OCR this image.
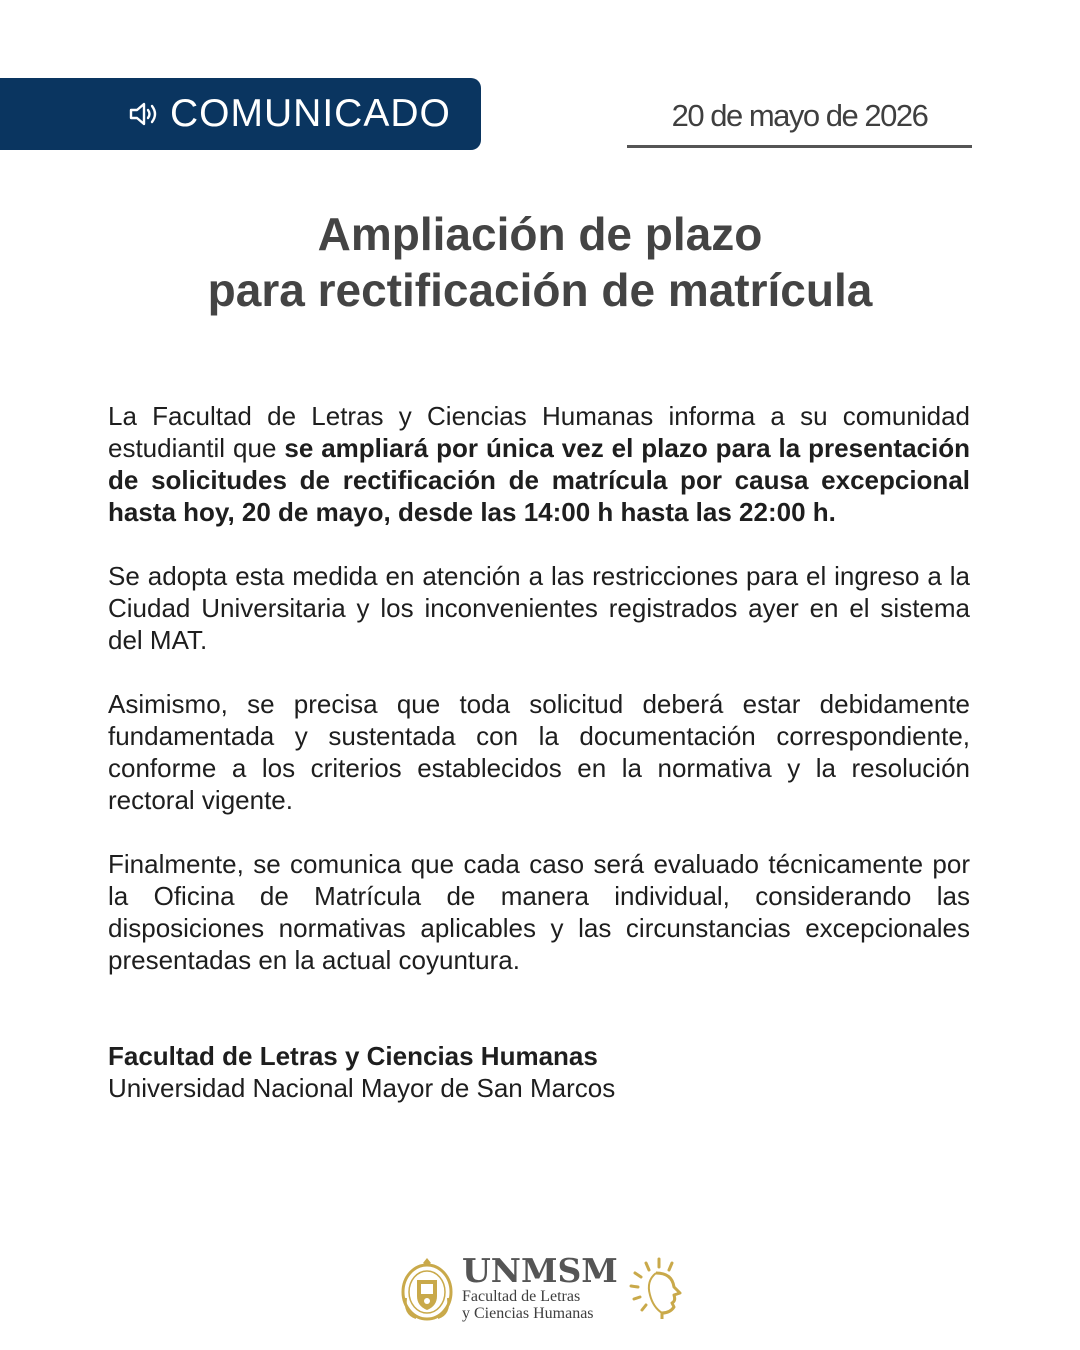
COMUNICADO	20 de mayo de 2026
Ampliación de plazo
para rectificación de matrícula

La Facultad de Letras y Ciencias Humanas informa a su comunidad estudiantil que se ampliará por única vez el plazo para la presentación de solicitudes de rectificación de matrícula por causa excepcional hasta hoy, 20 de mayo, desde las 14:00 h hasta las 22:00 h.

Se adopta esta medida en atención a las restricciones para el ingreso a la Ciudad Universitaria y los inconvenientes registrados ayer en el sistema del MAT.

Asimismo, se precisa que toda solicitud deberá estar debidamente fundamentada y sustentada con la documentación correspondiente, conforme a los criterios establecidos en la normativa y la resolución rectoral vigente.

Finalmente, se comunica que cada caso será evaluado técnicamente por la Oficina de Matrícula de manera individual, considerando las disposiciones normativas aplicables y las circunstancias excepcionales presentadas en la actual coyuntura.

Facultad de Letras y Ciencias Humanas
Universidad Nacional Mayor de San Marcos
UNMSM
Facultad de Letras
y Ciencias Humanas
